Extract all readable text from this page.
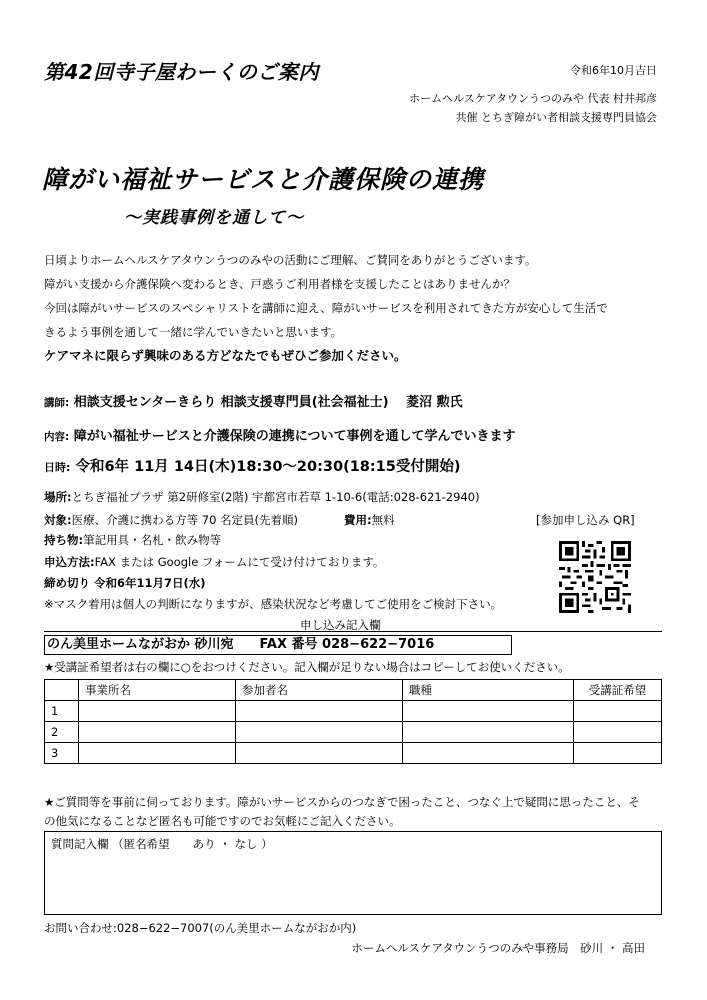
第42回寺子屋わーくのご案内	令和6年10月吉日
ホームヘルスケアタウンうつのみや 代表 村井邦彦
共催 とちぎ障がい者相談支援専門員協会
障がい福祉サービスと介護保険の連携
〜実践事例を通して〜
日頃よりホームヘルスケアタウンうつのみやの活動にご理解、ご賛同をありがとうございます。
障がい支援から介護保険へ変わるとき、戸惑うご利用者様を支援したことはありませんか？
今回は障がいサービスのスペシャリストを講師に迎え、障がいサービスを利用されてきた方が安心して生活で
きるよう事例を通して一緒に学んでいきたいと思います。
ケアマネに限らず興味のある方どなたでもぜひご参加ください。
講師: 相談支援センターきらり 相談支援専門員(社会福祉士)　 菱沼 勲氏
内容: 障がい福祉サービスと介護保険の連携について事例を通して学んでいきます
日時: 令和6年 11月 14日(木)18:30〜20:30(18:15受付開始)
場所:とちぎ福祉プラザ 第2研修室(2階) 宇都宮市若草 1-10-6(電話:028-621-2940)
対象:医療、介護に携わる方等 70 名定員(先着順)	費用:無料	[参加申し込み QR]
持ち物:筆記用具・名札・飲み物等
申込方法:FAX または Google フォームにて受け付けております。
締め切り 令和6年11月7日(水)
※マスク着用は個人の判断になりますが、感染状況など考慮してご使用をご検討下さい。
申し込み記入欄
のん美里ホームながおか 砂川宛　　FAX 番号 028−622−7016
★受講証希望者は右の欄に○をおつけください。記入欄が足りない場合はコピーしてお使いください。
	事業所名	参加者名	職種	受講証希望
1				
2				
3				
★ご質問等を事前に伺っております。障がいサービスからのつなぎで困ったこと、つなぐ上で疑問に思ったこと、そ
の他気になることなど匿名も可能ですのでお気軽にご記入ください。
質問記入欄 （匿名希望　　あり ・ なし ）
お問い合わせ:028−622−7007(のん美里ホームながおか内)
ホームヘルスケアタウンうつのみや事務局　砂川 ・ 高田
